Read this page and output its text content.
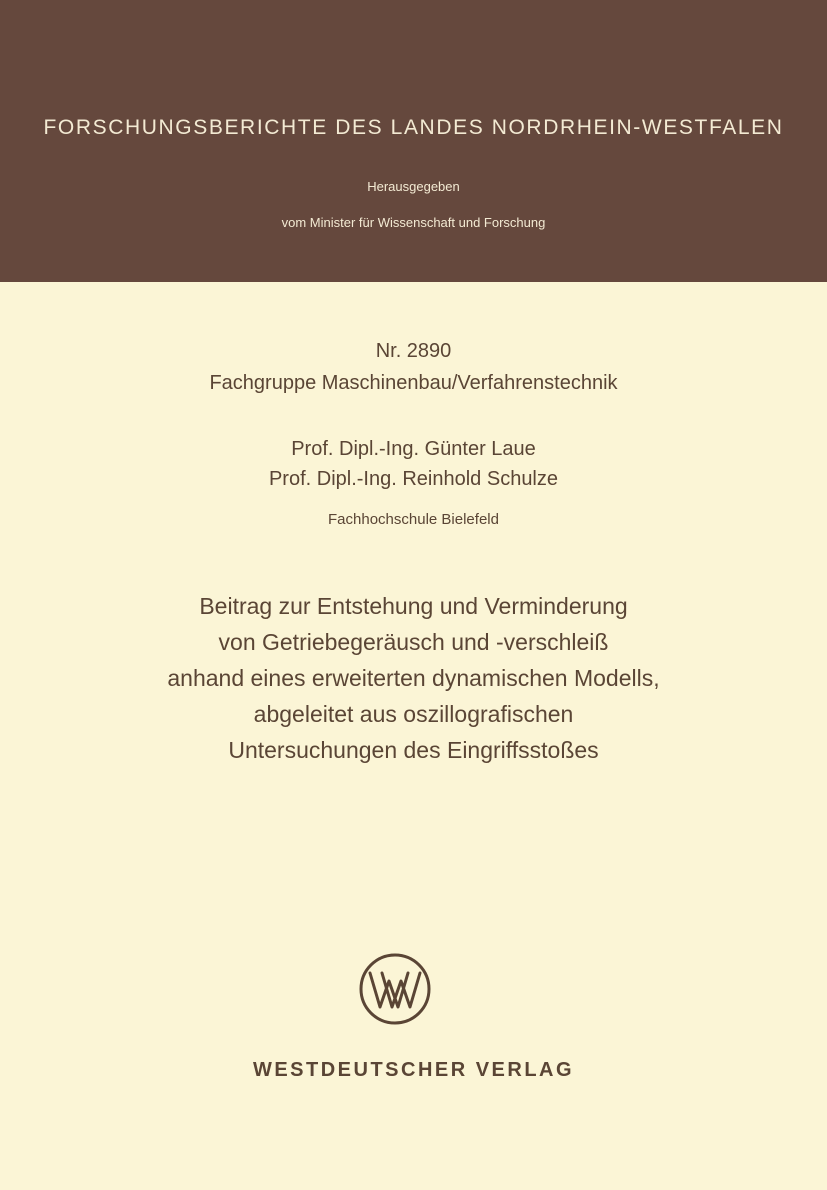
FORSCHUNGSBERICHTE DES LANDES NORDRHEIN-WESTFALEN
Herausgegeben
vom Minister für Wissenschaft und Forschung
Nr. 2890
Fachgruppe Maschinenbau/Verfahrenstechnik
Prof. Dipl.-Ing. Günter Laue
Prof. Dipl.-Ing. Reinhold Schulze
Fachhochschule Bielefeld
Beitrag zur Entstehung und Verminderung
von Getriebegeräusch und -verschleiß
anhand eines erweiterten dynamischen Modells,
abgeleitet aus oszillografischen
Untersuchungen des Eingriffsstoßes
WESTDEUTSCHER VERLAG
